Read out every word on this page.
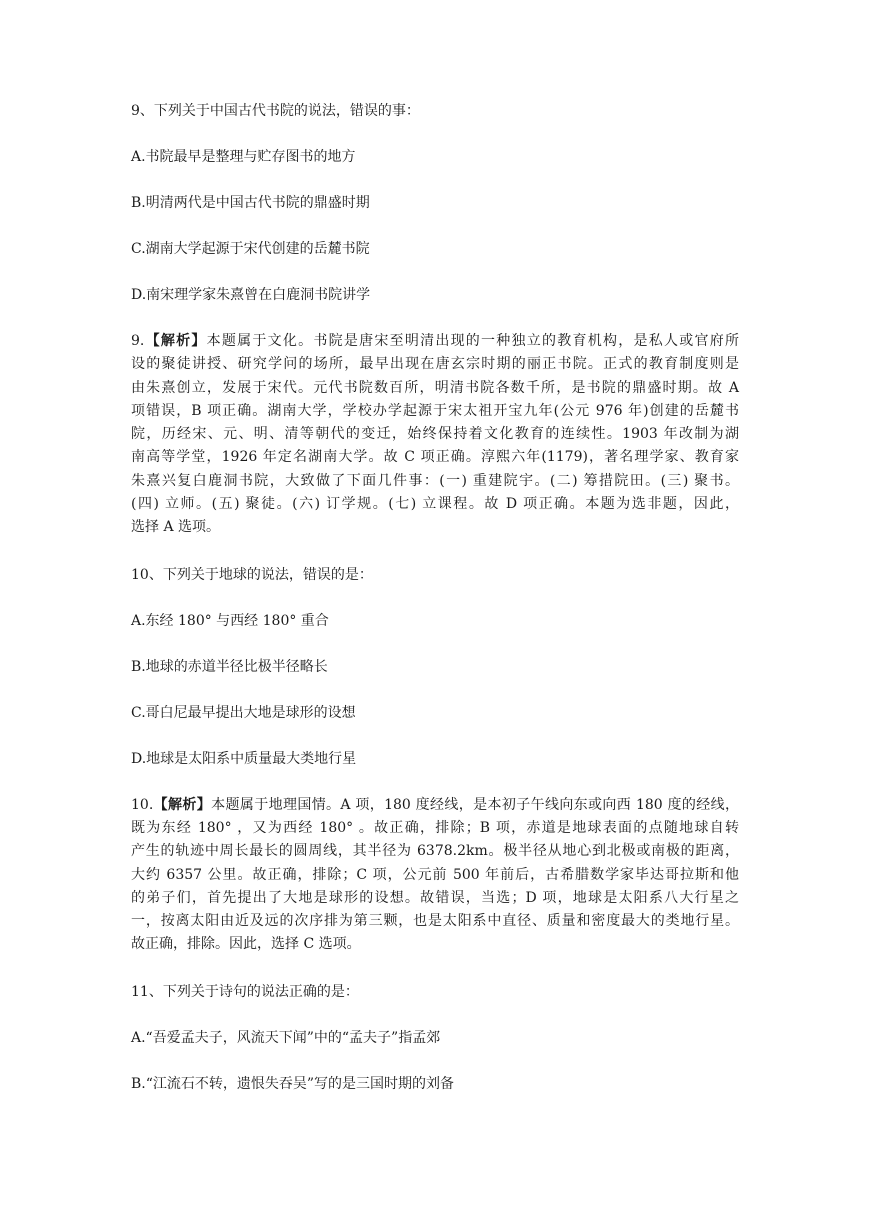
9、下列关于中国古代书院的说法，错误的事：

A.书院最早是整理与贮存图书的地方

B.明清两代是中国古代书院的鼎盛时期

C.湖南大学起源于宋代创建的岳麓书院

D.南宋理学家朱熹曾在白鹿洞书院讲学

9.【解析】本题属于文化。书院是唐宋至明清出现的一种独立的教育机构，是私人或官府所
设的聚徒讲授、研究学问的场所，最早出现在唐玄宗时期的丽正书院。正式的教育制度则是
由朱熹创立，发展于宋代。元代书院数百所，明清书院各数千所，是书院的鼎盛时期。故 A
项错误，B 项正确。湖南大学，学校办学起源于宋太祖开宝九年(公元 976 年)创建的岳麓书
院，历经宋、元、明、清等朝代的变迁，始终保持着文化教育的连续性。1903 年改制为湖
南高等学堂，1926 年定名湖南大学。故 C 项正确。淳熙六年(1179)，著名理学家、教育家
朱熹兴复白鹿洞书院，大致做了下面几件事：(一) 重建院宇。(二) 筹措院田。(三) 聚书。
(四) 立师。(五) 聚徒。(六) 订学规。(七) 立课程。故 D 项正确。本题为选非题，因此，
选择 A 选项。

10、下列关于地球的说法，错误的是：

A.东经 180° 与西经 180° 重合

B.地球的赤道半径比极半径略长

C.哥白尼最早提出大地是球形的设想

D.地球是太阳系中质量最大类地行星

10.【解析】本题属于地理国情。A 项，180 度经线，是本初子午线向东或向西 180 度的经线，
既为东经 180° ，又为西经 180° 。故正确，排除；B 项，赤道是地球表面的点随地球自转
产生的轨迹中周长最长的圆周线，其半径为 6378.2km。极半径从地心到北极或南极的距离，
大约 6357 公里。故正确，排除；C 项，公元前 500 年前后，古希腊数学家毕达哥拉斯和他
的弟子们，首先提出了大地是球形的设想。故错误，当选；D 项，地球是太阳系八大行星之
一，按离太阳由近及远的次序排为第三颗，也是太阳系中直径、质量和密度最大的类地行星。
故正确，排除。因此，选择 C 选项。

11、下列关于诗句的说法正确的是：

A.“吾爱孟夫子，风流天下闻”中的“孟夫子”指孟郊

B.“江流石不转，遗恨失吞吴”写的是三国时期的刘备
